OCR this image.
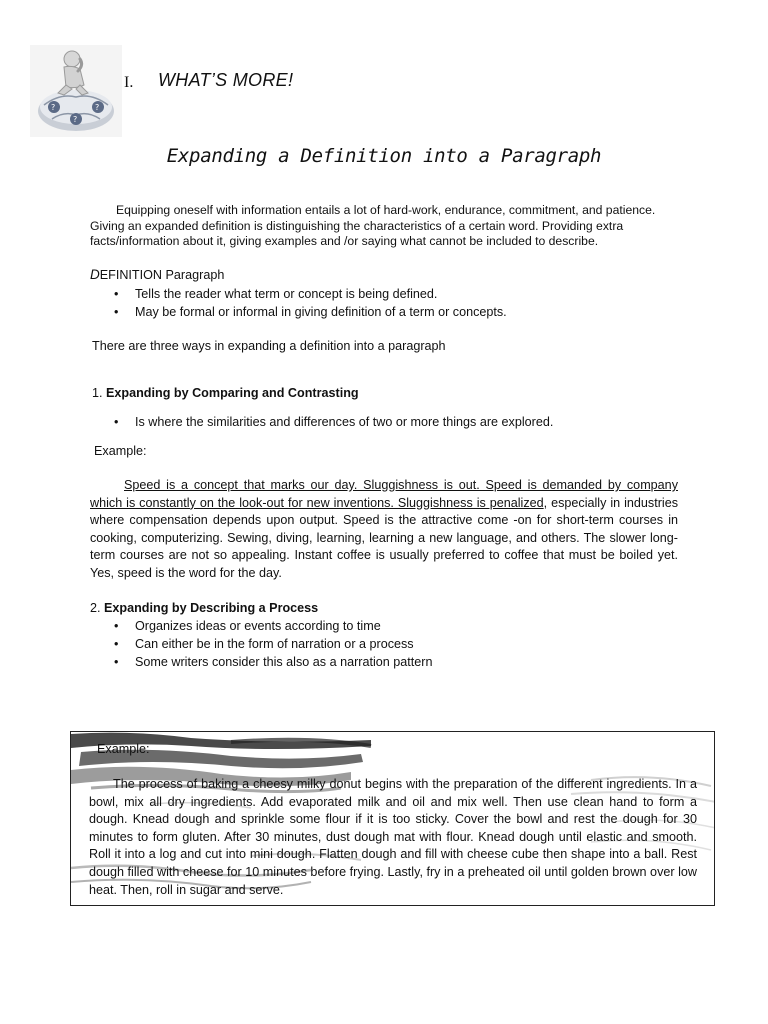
?
?
?
I. WHAT’S MORE!
Expanding a Definition into a Paragraph

Equipping oneself with information entails a lot of hard-work, endurance, commitment, and patience. Giving an expanded definition is distinguishing the characteristics of a certain word. Providing extra facts/information about it, giving examples and /or saying what cannot be included to describe.

DEFINITION Paragraph
• Tells the reader what term or concept is being defined.
• May be formal or informal in giving definition of a term or concepts.
There are three ways in expanding a definition into a paragraph
1. Expanding by Comparing and Contrasting
• Is where the similarities and differences of two or more things are explored.
Example:

Speed is a concept that marks our day. Sluggishness is out. Speed is demanded by company which is constantly on the look-out for new inventions. Sluggishness is penalized, especially in industries where compensation depends upon output. Speed is the attractive come -on for short-term courses in cooking, computerizing. Sewing, diving, learning, learning a new language, and others. The slower long-term courses are not so appealing. Instant coffee is usually preferred to coffee that must be boiled yet. Yes, speed is the word for the day.

2. Expanding by Describing a Process
• Organizes ideas or events according to time
• Can either be in the form of narration or a process
• Some writers consider this also as a narration pattern
Example:

The process of baking a cheesy milky donut begins with the preparation of the different ingredients. In a bowl, mix all dry ingredients. Add evaporated milk and oil and mix well. Then use clean hand to form a dough. Knead dough and sprinkle some flour if it is too sticky. Cover the bowl and rest the dough for 30 minutes to form gluten. After 30 minutes, dust dough mat with flour. Knead dough until elastic and smooth. Roll it into a log and cut into mini dough. Flatten dough and fill with cheese cube then shape into a ball. Rest dough filled with cheese for 10 minutes before frying. Lastly, fry in a preheated oil until golden brown over low heat. Then, roll in sugar and serve.
